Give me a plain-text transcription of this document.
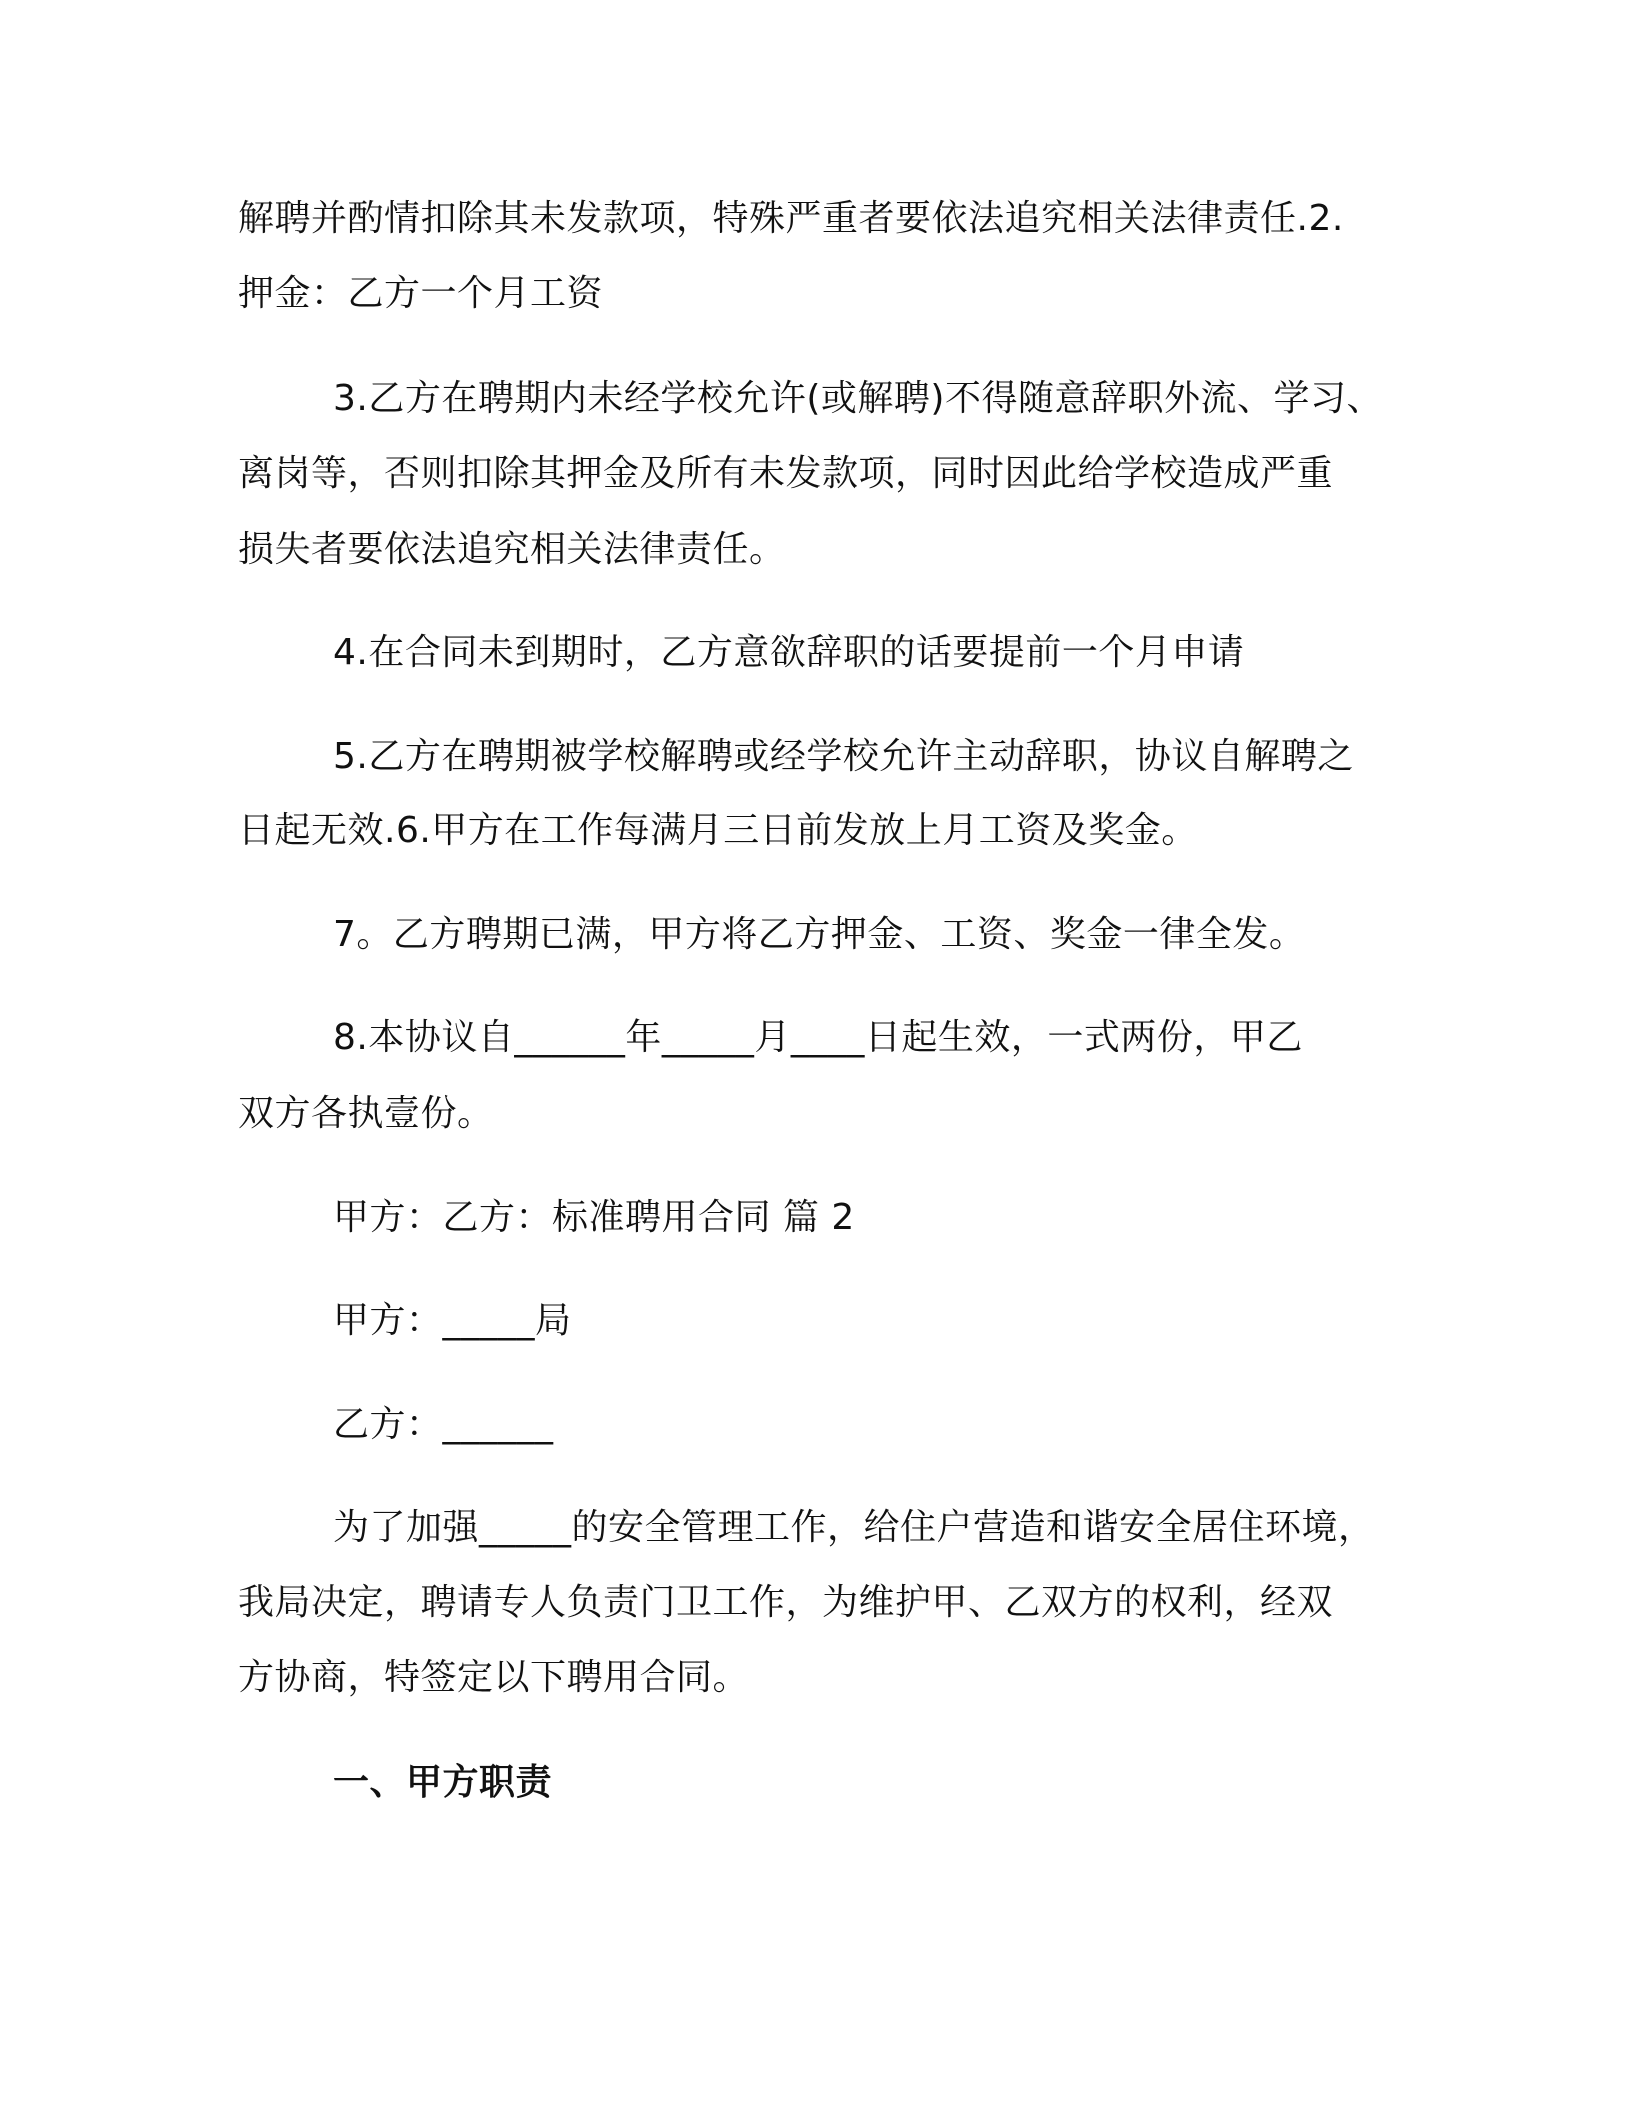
解聘并酌情扣除其未发款项，特殊严重者要依法追究相关法律责任.2.

押金：乙方一个月工资

3.乙方在聘期内未经学校允许(或解聘)不得随意辞职外流、学习、

离岗等，否则扣除其押金及所有未发款项，同时因此给学校造成严重

损失者要依法追究相关法律责任。

4.在合同未到期时，乙方意欲辞职的话要提前一个月申请

5.乙方在聘期被学校解聘或经学校允许主动辞职，协议自解聘之

日起无效.6.甲方在工作每满月三日前发放上月工资及奖金。

7。乙方聘期已满，甲方将乙方押金、工资、奖金一律全发。

8.本协议自______年_____月____日起生效，一式两份，甲乙

双方各执壹份。

甲方：乙方：标准聘用合同 篇 2

甲方：_____局

乙方：______

为了加强_____的安全管理工作，给住户营造和谐安全居住环境，

我局决定，聘请专人负责门卫工作，为维护甲、乙双方的权利，经双

方协商，特签定以下聘用合同。

一、甲方职责
